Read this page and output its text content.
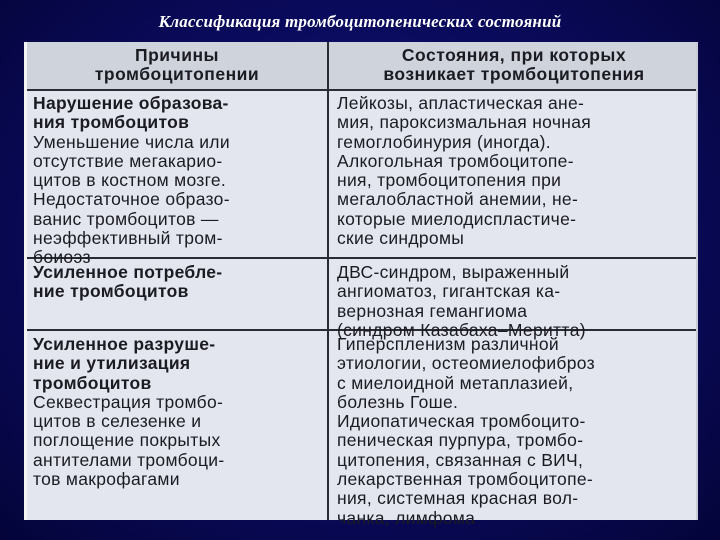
Классификация тромбоцитопенических состояний
Причины
тромбоцитопении
Состояния, при которых
возникает тромбоцитопения
Нарушение образова-
ния тромбоцитов
Уменьшение числа или
отсутствие мегакарио-
цитов в костном мозге.
Недостаточное образо-
ванис тромбоцитов —
неэффективный тром-
боиоэз
Лейкозы, апластическая ане-
мия, пароксизмальная ночная
гемоглобинурия (иногда).
Алкогольная тромбоцитопе-
ния, тромбоцитопения при
мегалобластной анемии, не-
которые миелодиспластиче-
ские синдромы
Усиленное потребле-
ние тромбоцитов
ДВС-синдром, выраженный
ангиоматоз, гигантская ка-
вернозная гемангиома
(синдром Казабаха–Мериттa)
Усиленное разруше-
ние и утилизация
тромбоцитов
Секвестрация тромбо-
цитов в селезенке и
поглощение покрытых
антителами тромбоци-
тов макрофагами
Гиперспленизм различной
этиологии, остеомиелофиброз
с миелоидной метаплазией,
болезнь Гоше.
Идиопатическая тромбоцито-
пеническая пурпура, тромбо-
цитопения, связанная с ВИЧ,
лекарственная тромбоцитопе-
ния, системная красная вол-
чанка, лимфома
